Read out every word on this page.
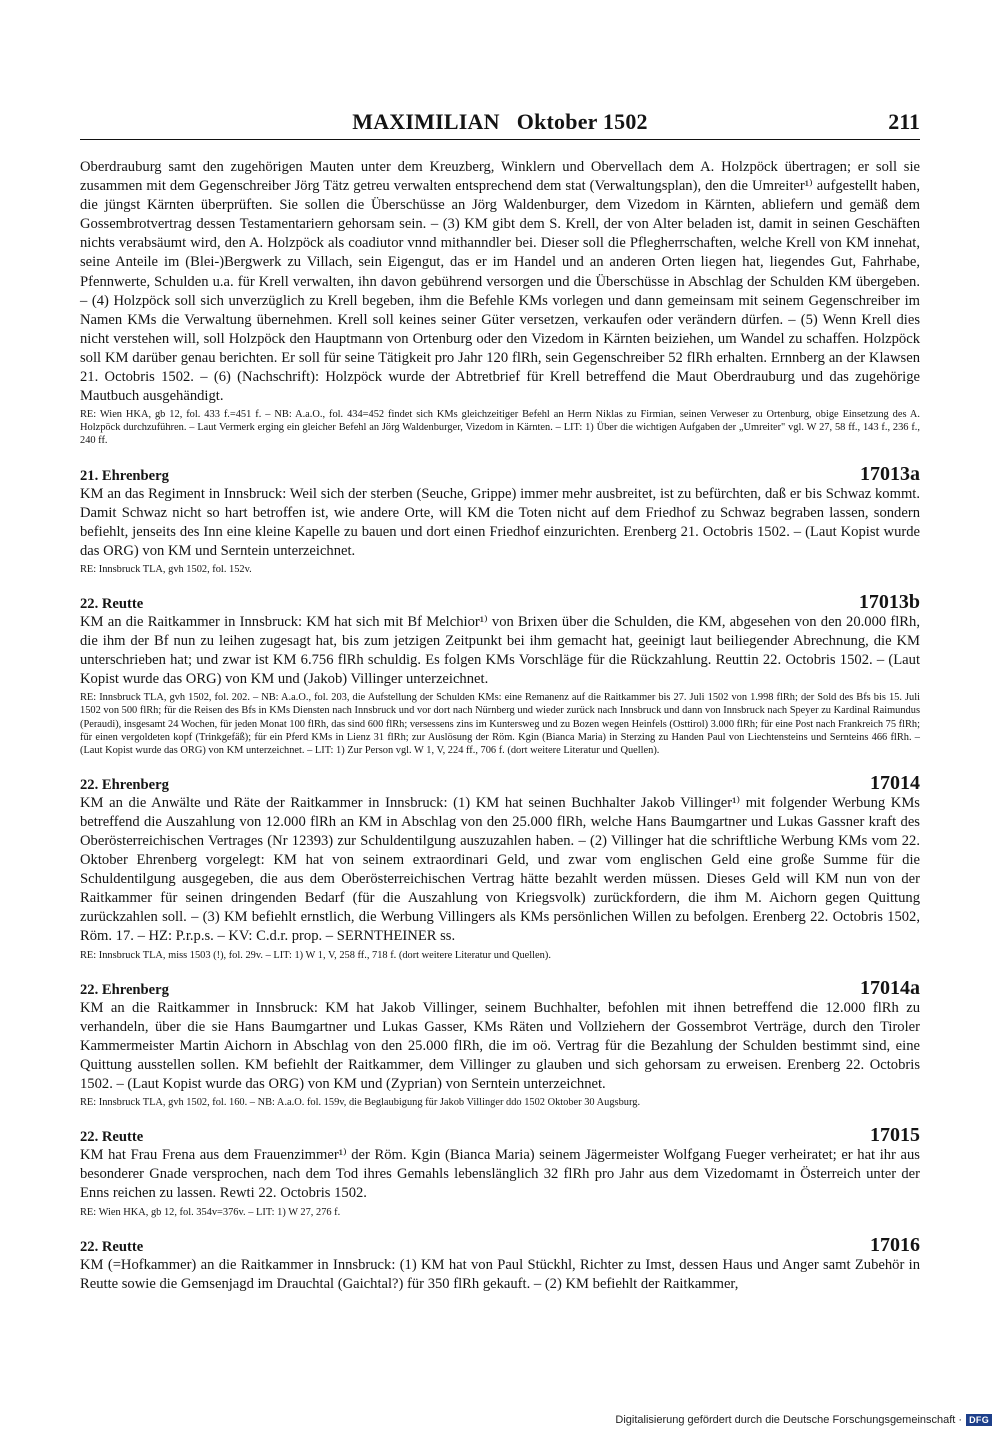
MAXIMILIAN   Oktober 1502	211

Oberdrauburg samt den zugehörigen Mauten unter dem Kreuzberg, Winklern und Obervellach dem A. Holzpöck übertragen; er soll sie zusammen mit dem Gegenschreiber Jörg Tätz getreu verwalten entsprechend dem stat (Verwaltungsplan), den die Umreiter¹⁾ aufgestellt haben, die jüngst Kärnten überprüften. Sie sollen die Überschüsse an Jörg Waldenburger, dem Vizedom in Kärnten, abliefern und gemäß dem Gossembrotvertrag dessen Testamentariern gehorsam sein. – (3) KM gibt dem S. Krell, der von Alter beladen ist, damit in seinen Geschäften nichts verabsäumt wird, den A. Holzpöck als coadiutor vnnd mithanndler bei. Dieser soll die Pflegherrschaften, welche Krell von KM innehat, seine Anteile im (Blei-)Bergwerk zu Villach, sein Eigengut, das er im Handel und an anderen Orten liegen hat, liegendes Gut, Fahrhabe, Pfennwerte, Schulden u.a. für Krell verwalten, ihn davon gebührend versorgen und die Überschüsse in Abschlag der Schulden KM übergeben. – (4) Holzpöck soll sich unverzüglich zu Krell begeben, ihm die Befehle KMs vorlegen und dann gemeinsam mit seinem Gegenschreiber im Namen KMs die Verwaltung übernehmen. Krell soll keines seiner Güter versetzen, verkaufen oder verändern dürfen. – (5) Wenn Krell dies nicht verstehen will, soll Holzpöck den Hauptmann von Ortenburg oder den Vizedom in Kärnten beiziehen, um Wandel zu schaffen. Holzpöck soll KM darüber genau berichten. Er soll für seine Tätigkeit pro Jahr 120 flRh, sein Gegenschreiber 52 flRh erhalten. Ernnberg an der Klawsen 21. Octobris 1502. – (6) (Nachschrift): Holzpöck wurde der Abtretbrief für Krell betreffend die Maut Oberdrauburg und das zugehörige Mautbuch ausgehändigt.

RE: Wien HKA, gb 12, fol. 433 f.=451 f. – NB: A.a.O., fol. 434=452 findet sich KMs gleichzeitiger Befehl an Herrn Niklas zu Firmian, seinen Verweser zu Ortenburg, obige Einsetzung des A. Holzpöck durchzuführen. – Laut Vermerk erging ein gleicher Befehl an Jörg Waldenburger, Vizedom in Kärnten. – LIT: 1) Über die wichtigen Aufgaben der „Umreiter" vgl. W 27, 58 ff., 143 f., 236 f., 240 ff.

21. Ehrenberg	17013a

KM an das Regiment in Innsbruck: Weil sich der sterben (Seuche, Grippe) immer mehr ausbreitet, ist zu befürchten, daß er bis Schwaz kommt. Damit Schwaz nicht so hart betroffen ist, wie andere Orte, will KM die Toten nicht auf dem Friedhof zu Schwaz begraben lassen, sondern befiehlt, jenseits des Inn eine kleine Kapelle zu bauen und dort einen Friedhof einzurichten. Erenberg 21. Octobris 1502. – (Laut Kopist wurde das ORG) von KM und Serntein unterzeichnet.

RE: Innsbruck TLA, gvh 1502, fol. 152v.

22. Reutte	17013b

KM an die Raitkammer in Innsbruck: KM hat sich mit Bf Melchior¹⁾ von Brixen über die Schulden, die KM, abgesehen von den 20.000 flRh, die ihm der Bf nun zu leihen zugesagt hat, bis zum jetzigen Zeitpunkt bei ihm gemacht hat, geeinigt laut beiliegender Abrechnung, die KM unterschrieben hat; und zwar ist KM 6.756 flRh schuldig. Es folgen KMs Vorschläge für die Rückzahlung. Reuttin 22. Octobris 1502. – (Laut Kopist wurde das ORG) von KM und (Jakob) Villinger unterzeichnet.

RE: Innsbruck TLA, gvh 1502, fol. 202. – NB: A.a.O., fol. 203, die Aufstellung der Schulden KMs: eine Remanenz auf die Raitkammer bis 27. Juli 1502 von 1.998 flRh; der Sold des Bfs bis 15. Juli 1502 von 500 flRh; für die Reisen des Bfs in KMs Diensten nach Innsbruck und vor dort nach Nürnberg und wieder zurück nach Innsbruck und dann von Innsbruck nach Speyer zu Kardinal Raimundus (Peraudi), insgesamt 24 Wochen, für jeden Monat 100 flRh, das sind 600 flRh; versessens zins im Kuntersweg und zu Bozen wegen Heinfels (Osttirol) 3.000 flRh; für eine Post nach Frankreich 75 flRh; für einen vergoldeten kopf (Trinkgefäß); für ein Pferd KMs in Lienz 31 flRh; zur Auslösung der Röm. Kgin (Bianca Maria) in Sterzing zu Handen Paul von Liechtensteins und Sernteins 466 flRh. – (Laut Kopist wurde das ORG) von KM unterzeichnet. – LIT: 1) Zur Person vgl. W 1, V, 224 ff., 706 f. (dort weitere Literatur und Quellen).

22. Ehrenberg	17014

KM an die Anwälte und Räte der Raitkammer in Innsbruck: (1) KM hat seinen Buchhalter Jakob Villinger¹⁾ mit folgender Werbung KMs betreffend die Auszahlung von 12.000 flRh an KM in Abschlag von den 25.000 flRh, welche Hans Baumgartner und Lukas Gassner kraft des Oberösterreichischen Vertrages (Nr 12393) zur Schuldentilgung auszuzahlen haben. – (2) Villinger hat die schriftliche Werbung KMs vom 22. Oktober Ehrenberg vorgelegt: KM hat von seinem extraordinari Geld, und zwar vom englischen Geld eine große Summe für die Schuldentilgung ausgegeben, die aus dem Oberösterreichischen Vertrag hätte bezahlt werden müssen. Dieses Geld will KM nun von der Raitkammer für seinen dringenden Bedarf (für die Auszahlung von Kriegsvolk) zurückfordern, die ihm M. Aichorn gegen Quittung zurückzahlen soll. – (3) KM befiehlt ernstlich, die Werbung Villingers als KMs persönlichen Willen zu befolgen. Erenberg 22. Octobris 1502, Röm. 17. – HZ: P.r.p.s. – KV: C.d.r. prop. – SERNTHEINER ss.

RE: Innsbruck TLA, miss 1503 (!), fol. 29v. – LIT: 1) W 1, V, 258 ff., 718 f. (dort weitere Literatur und Quellen).

22. Ehrenberg	17014a

KM an die Raitkammer in Innsbruck: KM hat Jakob Villinger, seinem Buchhalter, befohlen mit ihnen betreffend die 12.000 flRh zu verhandeln, über die sie Hans Baumgartner und Lukas Gasser, KMs Räten und Vollziehern der Gossembrot Verträge, durch den Tiroler Kammermeister Martin Aichorn in Abschlag von den 25.000 flRh, die im oö. Vertrag für die Bezahlung der Schulden bestimmt sind, eine Quittung ausstellen sollen. KM befiehlt der Raitkammer, dem Villinger zu glauben und sich gehorsam zu erweisen. Erenberg 22. Octobris 1502. – (Laut Kopist wurde das ORG) von KM und (Zyprian) von Serntein unterzeichnet.

RE: Innsbruck TLA, gvh 1502, fol. 160. – NB: A.a.O. fol. 159v, die Beglaubigung für Jakob Villinger ddo 1502 Oktober 30 Augsburg.

22. Reutte	17015

KM hat Frau Frena aus dem Frauenzimmer¹⁾ der Röm. Kgin (Bianca Maria) seinem Jägermeister Wolfgang Fueger verheiratet; er hat ihr aus besonderer Gnade versprochen, nach dem Tod ihres Gemahls lebenslänglich 32 flRh pro Jahr aus dem Vizedomamt in Österreich unter der Enns reichen zu lassen. Rewti 22. Octobris 1502.

RE: Wien HKA, gb 12, fol. 354v=376v. – LIT: 1) W 27, 276 f.

22. Reutte	17016

KM (=Hofkammer) an die Raitkammer in Innsbruck: (1) KM hat von Paul Stückhl, Richter zu Imst, dessen Haus und Anger samt Zubehör in Reutte sowie die Gemsenjagd im Drauchtal (Gaichtal?) für 350 flRh gekauft. – (2) KM befiehlt der Raitkammer,

Digitalisierung gefördert durch die Deutsche Forschungsgemeinschaft · DFG
